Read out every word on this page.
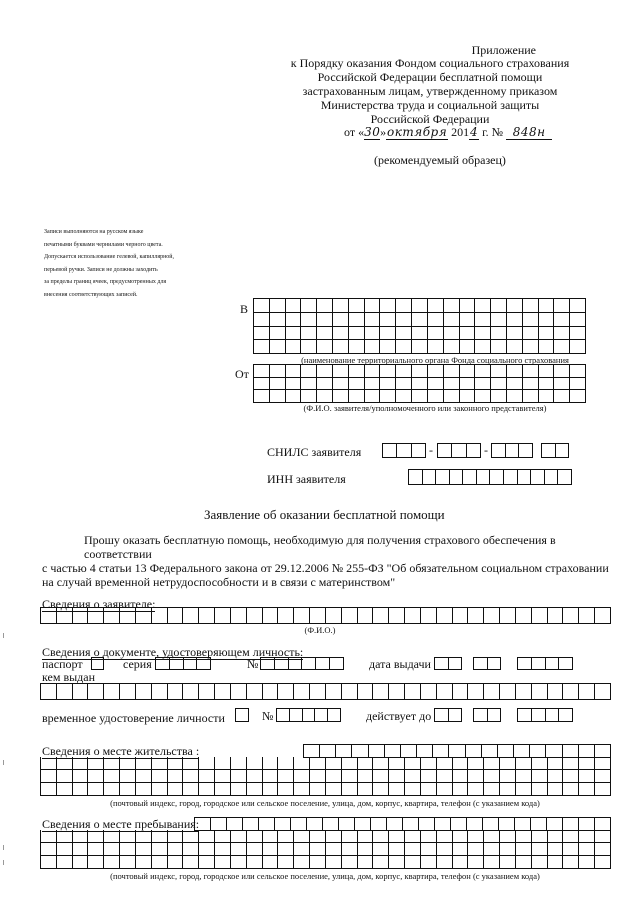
Приложение
к Порядку оказания Фондом социального страхования
Российской Федерации бесплатной помощи
застрахованным лицам, утвержденному приказом
Министерства труда и социальной защиты
Российской Федерации
от «30»октября 2014 г. № 848н
(рекомендуемый образец)
Записи выполняются на русском языке
печатными буквами чернилами черного цвета.
Допускается использование гелевой, капиллярной,
перьевой ручки. Записи не должны заходить
за пределы границ ячеек, предусмотренных для
внесения соответствующих записей.
В
(наименование территориального органа Фонда социального страхования
От
(Ф.И.О. заявителя/уполномоченного или законного представителя)
СНИЛС заявителя	-	-
ИНН заявителя
Заявление об оказании бесплатной помощи
Прошу оказать бесплатную помощь, необходимую для получения страхового обеспечения в соответствии
с частью 4 статьи 13 Федерального закона от 29.12.2006 № 255-ФЗ "Об обязательном социальном страховании
на случай временной нетрудоспособности и в связи с материнством"
Сведения о заявителе:
(Ф.И.О.)
Сведения о документе, удостоверяющем личность:
паспорт	серия	№	дата выдачи
кем выдан
временное удостоверение личности	№	действует до
Сведения о месте жительства :
(почтовый индекс, город, городское или сельское поселение, улица, дом, корпус, квартира, телефон (с указанием кода)
Сведения о месте пребывания:
(почтовый индекс, город, городское или сельское поселение, улица, дом, корпус, квартира, телефон (с указанием кода)
